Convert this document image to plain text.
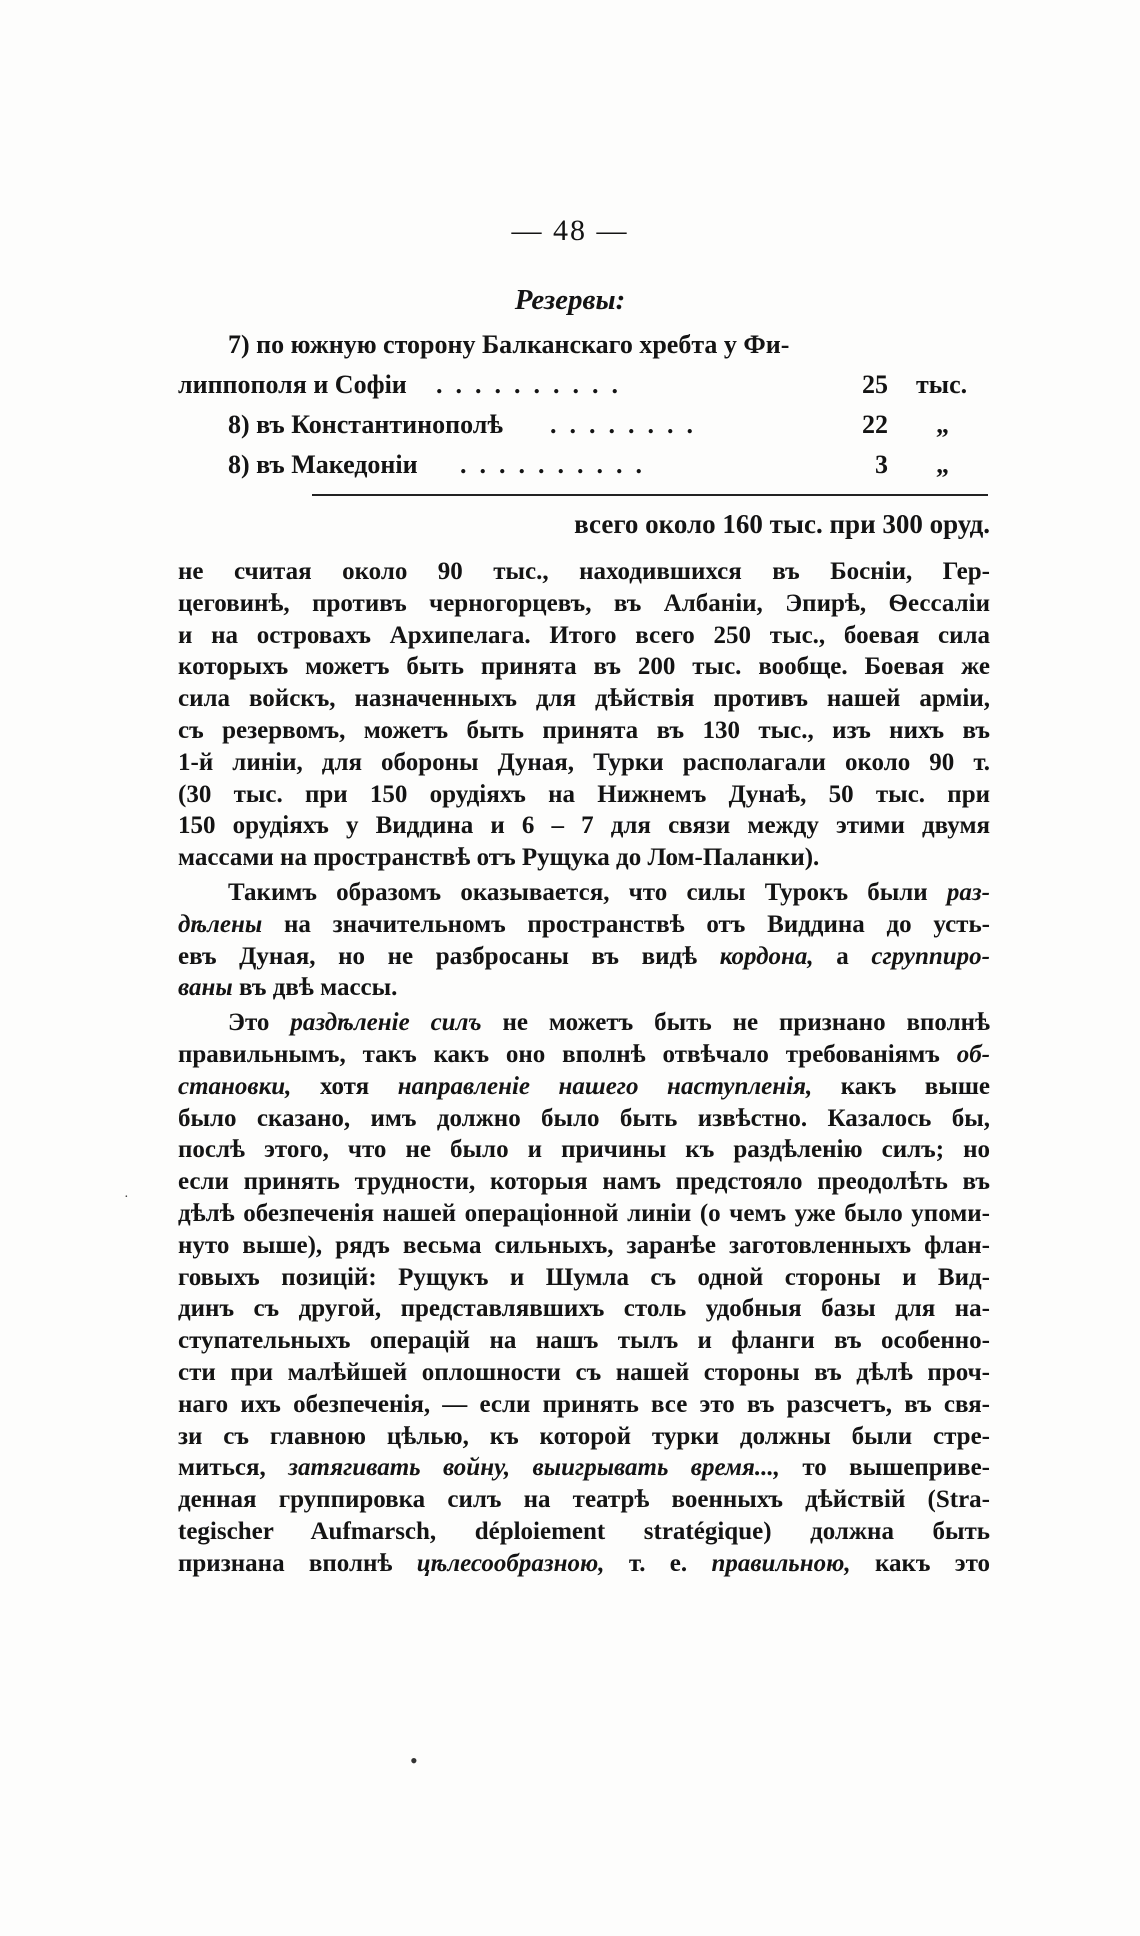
— 48 —
Резервы:
7) по южную сторону Балканскаго хребта у Фи-
липпополя и Софіи ..........	25 тыс.
8) въ Константинополѣ ........	22 „
8) въ Македоніи ..........	3 „
всего около 160 тыс. при 300 оруд.

не считая около 90 тыс., находившихся въ Босніи, Гер-
цеговинѣ, противъ черногорцевъ, въ Албаніи, Эпирѣ, Ѳессаліи
и на островахъ Архипелага. Итого всего 250 тыс., боевая сила
которыхъ можетъ быть принята въ 200 тыс. вообще. Боевая же
сила войскъ, назначенныхъ для дѣйствія противъ нашей арміи,
съ резервомъ, можетъ быть принята въ 130 тыс., изъ нихъ въ
1-й линіи, для обороны Дуная, Турки располагали около 90 т.
(30 тыс. при 150 орудіяхъ на Нижнемъ Дунаѣ, 50 тыс. при
150 орудіяхъ у Виддина и 6 – 7 для связи между этими двумя
массами на пространствѣ отъ Рущука до Лом-Паланки).

Такимъ образомъ оказывается, что силы Турокъ были раз-
дѣлены на значительномъ пространствѣ отъ Виддина до усть-
евъ Дуная, но не разбросаны въ видѣ кордона, а сгруппиро-
ваны въ двѣ массы.

Это раздѣленіе силъ не можетъ быть не признано вполнѣ
правильнымъ, такъ какъ оно вполнѣ отвѣчало требованіямъ об-
становки, хотя направленіе нашего наступленія, какъ выше
было сказано, имъ должно было быть извѣстно. Казалось бы,
послѣ этого, что не было и причины къ раздѣленію силъ; но
если принять трудности, которыя намъ предстояло преодолѣть въ
дѣлѣ обезпеченія нашей операціонной линіи (о чемъ уже было упоми-
нуто выше), рядъ весьма сильныхъ, заранѣе заготовленныхъ флан-
говыхъ позицій: Рущукъ и Шумла съ одной стороны и Вид-
динъ съ другой, представлявшихъ столь удобныя базы для на-
ступательныхъ операцій на нашъ тылъ и фланги въ особенно-
сти при малѣйшей оплошности съ нашей стороны въ дѣлѣ проч-
наго ихъ обезпеченія, — если принять все это въ разсчетъ, въ свя-
зи съ главною цѣлью, къ которой турки должны были стре-
миться, затягивать войну, выигрывать время..., то вышеприве-
денная группировка силъ на театрѣ военныхъ дѣйствій (Stra-
tegischer Aufmarsch, déploiement stratégique) должна быть
признана вполнѣ цѣлесообразною, т. е. правильною, какъ это

·
•
